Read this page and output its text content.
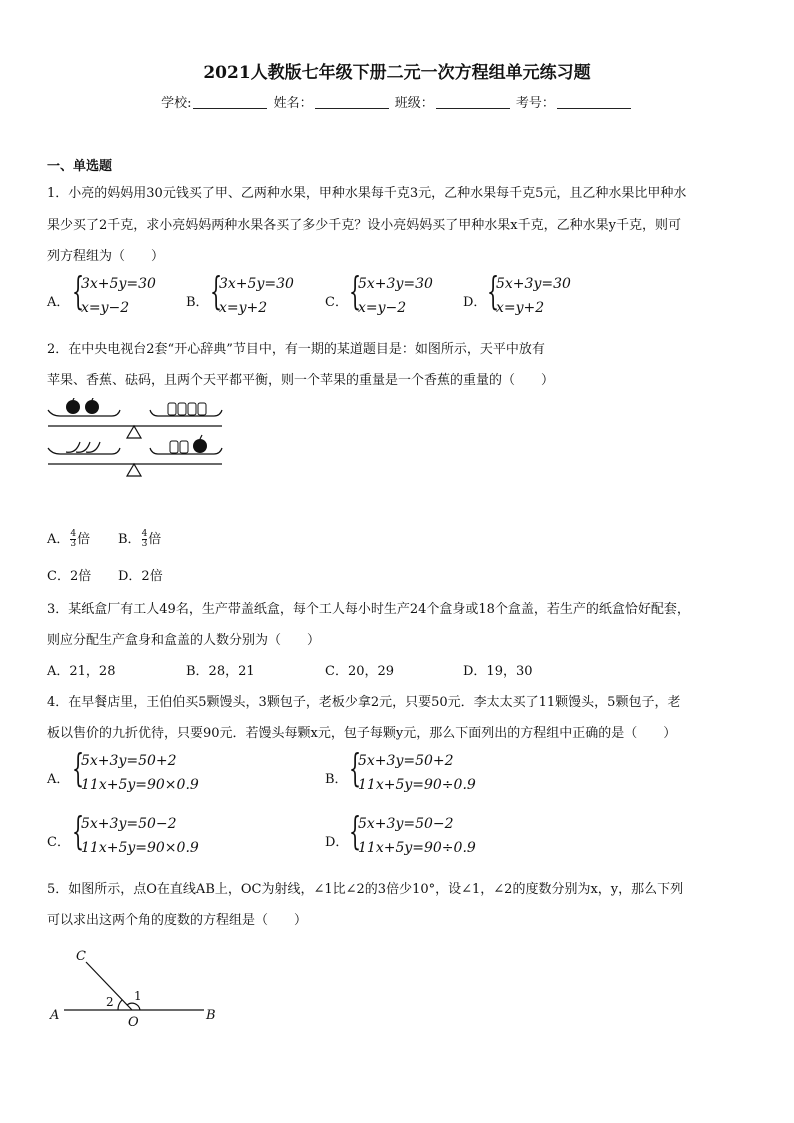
2021人教版七年级下册二元一次方程组单元练习题
学校:	姓名：	班级：	考号：
一、单选题
1．小亮的妈妈用30元钱买了甲、乙两种水果，甲种水果每千克3元，乙种水果每千克5元，且乙种水果比甲种水
果少买了2千克，求小亮妈妈两种水果各买了多少千克？设小亮妈妈买了甲种水果x千克，乙种水果y千克，则可
列方程组为（　　）
A． {
3x+5y=30
x=y−2	B． {
3x+5y=30
x=y+2	C． {
5x+3y=30
x=y−2	D． {
5x+3y=30
x=y+2
2．在中央电视台2套“开心辞典”节目中，有一期的某道题目是：如图所示，天平中放有
苹果、香蕉、砝码，且两个天平都平衡，则一个苹果的重量是一个香蕉的重量的（　　）
A． $\frac{4}{3}$ 倍 B． $\frac{4}{3}$ 倍
C．2倍 D．2倍
3．某纸盒厂有工人49名，生产带盖纸盒，每个工人每小时生产24个盒身或18个盒盖，若生产的纸盒恰好配套，
则应分配生产盒身和盒盖的人数分别为（　　）
A．21，28	B．28，21	C．20，29	D．19，30
4．在早餐店里，王伯伯买5颗馒头，3颗包子，老板少拿2元，只要50元．李太太买了11颗馒头，5颗包子，老
板以售价的九折优待，只要90元．若馒头每颗x元，包子每颗y元，那么下面列出的方程组中正确的是（　　）
A． {
5x+3y=50+2
11x+5y=90×0.9	B． {
5x+3y=50+2
11x+5y=90÷0.9
C． {
5x+3y=50−2
11x+5y=90×0.9	D． {
5x+3y=50−2
11x+5y=90÷0.9
5．如图所示，点O在直线AB上，OC为射线，∠1比∠2的3倍少10°，设∠1，∠2的度数分别为x，y，那么下列
可以求出这两个角的度数的方程组是（　　）
C
A	O	B
2 1
